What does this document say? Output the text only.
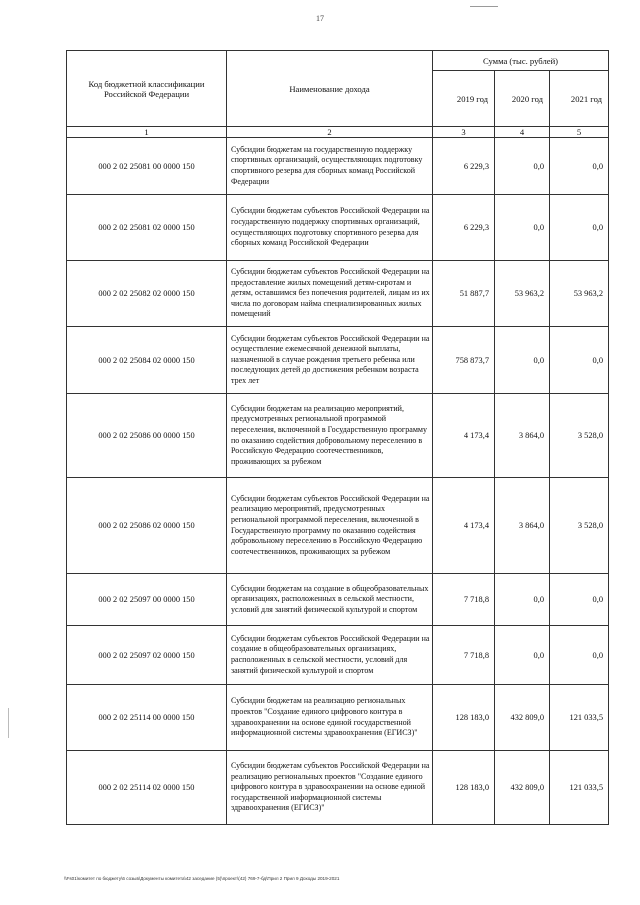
17
Код бюджетной классификации Российской Федерации	Наименование дохода	Сумма (тыс. рублей)		
		2019 год	2020 год	2021 год
1	2	3	4	5
000 2 02 25081 00 0000 150	Субсидии бюджетам на государственную поддержку спортивных организаций, осуществляющих подготовку спортивного резерва для сборных команд Российской Федерации	6 229,3	0,0	0,0
000 2 02 25081 02 0000 150	Субсидии бюджетам субъектов Российской Федерации на государственную поддержку спортивных организаций, осуществляющих подготовку спортивного резерва для сборных команд Российской Федерации	6 229,3	0,0	0,0
000 2 02 25082 02 0000 150	Субсидии бюджетам субъектов Российской Федерации на предоставление жилых помещений детям-сиротам и детям, оставшимся без попечения родителей, лицам из их числа по договорам найма специализированных жилых помещений	51 887,7	53 963,2	53 963,2
000 2 02 25084 02 0000 150	Субсидии бюджетам субъектов Российской Федерации на осуществление ежемесячной денежной выплаты, назначенной в случае рождения третьего ребенка или последующих детей до достижения ребенком возраста трех лет	758 873,7	0,0	0,0
000 2 02 25086 00 0000 150	Субсидии бюджетам на реализацию мероприятий, предусмотренных региональной программой переселения, включенной в Государственную программу по оказанию содействия добровольному переселению в Российскую Федерацию соотечественников, проживающих за рубежом	4 173,4	3 864,0	3 528,0
000 2 02 25086 02 0000 150	Субсидии бюджетам субъектов Российской Федерации на реализацию мероприятий, предусмотренных региональной программой переселения, включенной в Государственную программу по оказанию содействия добровольному переселению в Российскую Федерацию соотечественников, проживающих за рубежом	4 173,4	3 864,0	3 528,0
000 2 02 25097 00 0000 150	Субсидии бюджетам на создание в общеобразовательных организациях, расположенных в сельской местности, условий для занятий физической культурой и спортом	7 718,8	0,0	0,0
000 2 02 25097 02 0000 150	Субсидии бюджетам субъектов Российской Федерации на создание в общеобразовательных организациях, расположенных в сельской местности, условий для занятий физической культурой и спортом	7 718,8	0,0	0,0
000 2 02 25114 00 0000 150	Субсидии бюджетам на реализацию региональных проектов "Создание единого цифрового контура в здравоохранении на основе единой государственной информационной системы здравоохранения (ЕГИСЗ)"	128 183,0	432 809,0	121 033,5
000 2 02 25114 02 0000 150	Субсидии бюджетам субъектов Российской Федерации на реализацию региональных проектов "Создание единого цифрового контура в здравоохранении на основе единой государственной информационной системы здравоохранения (ЕГИСЗ)"	128 183,0	432 809,0	121 033,5
\\Fs01\комитет по бюджету\6 созыв\Документы комитета\42 заседание (5)\проект\(42) 769-7-бд\Прил 2 Прил 9 Доходы 2019-2021
